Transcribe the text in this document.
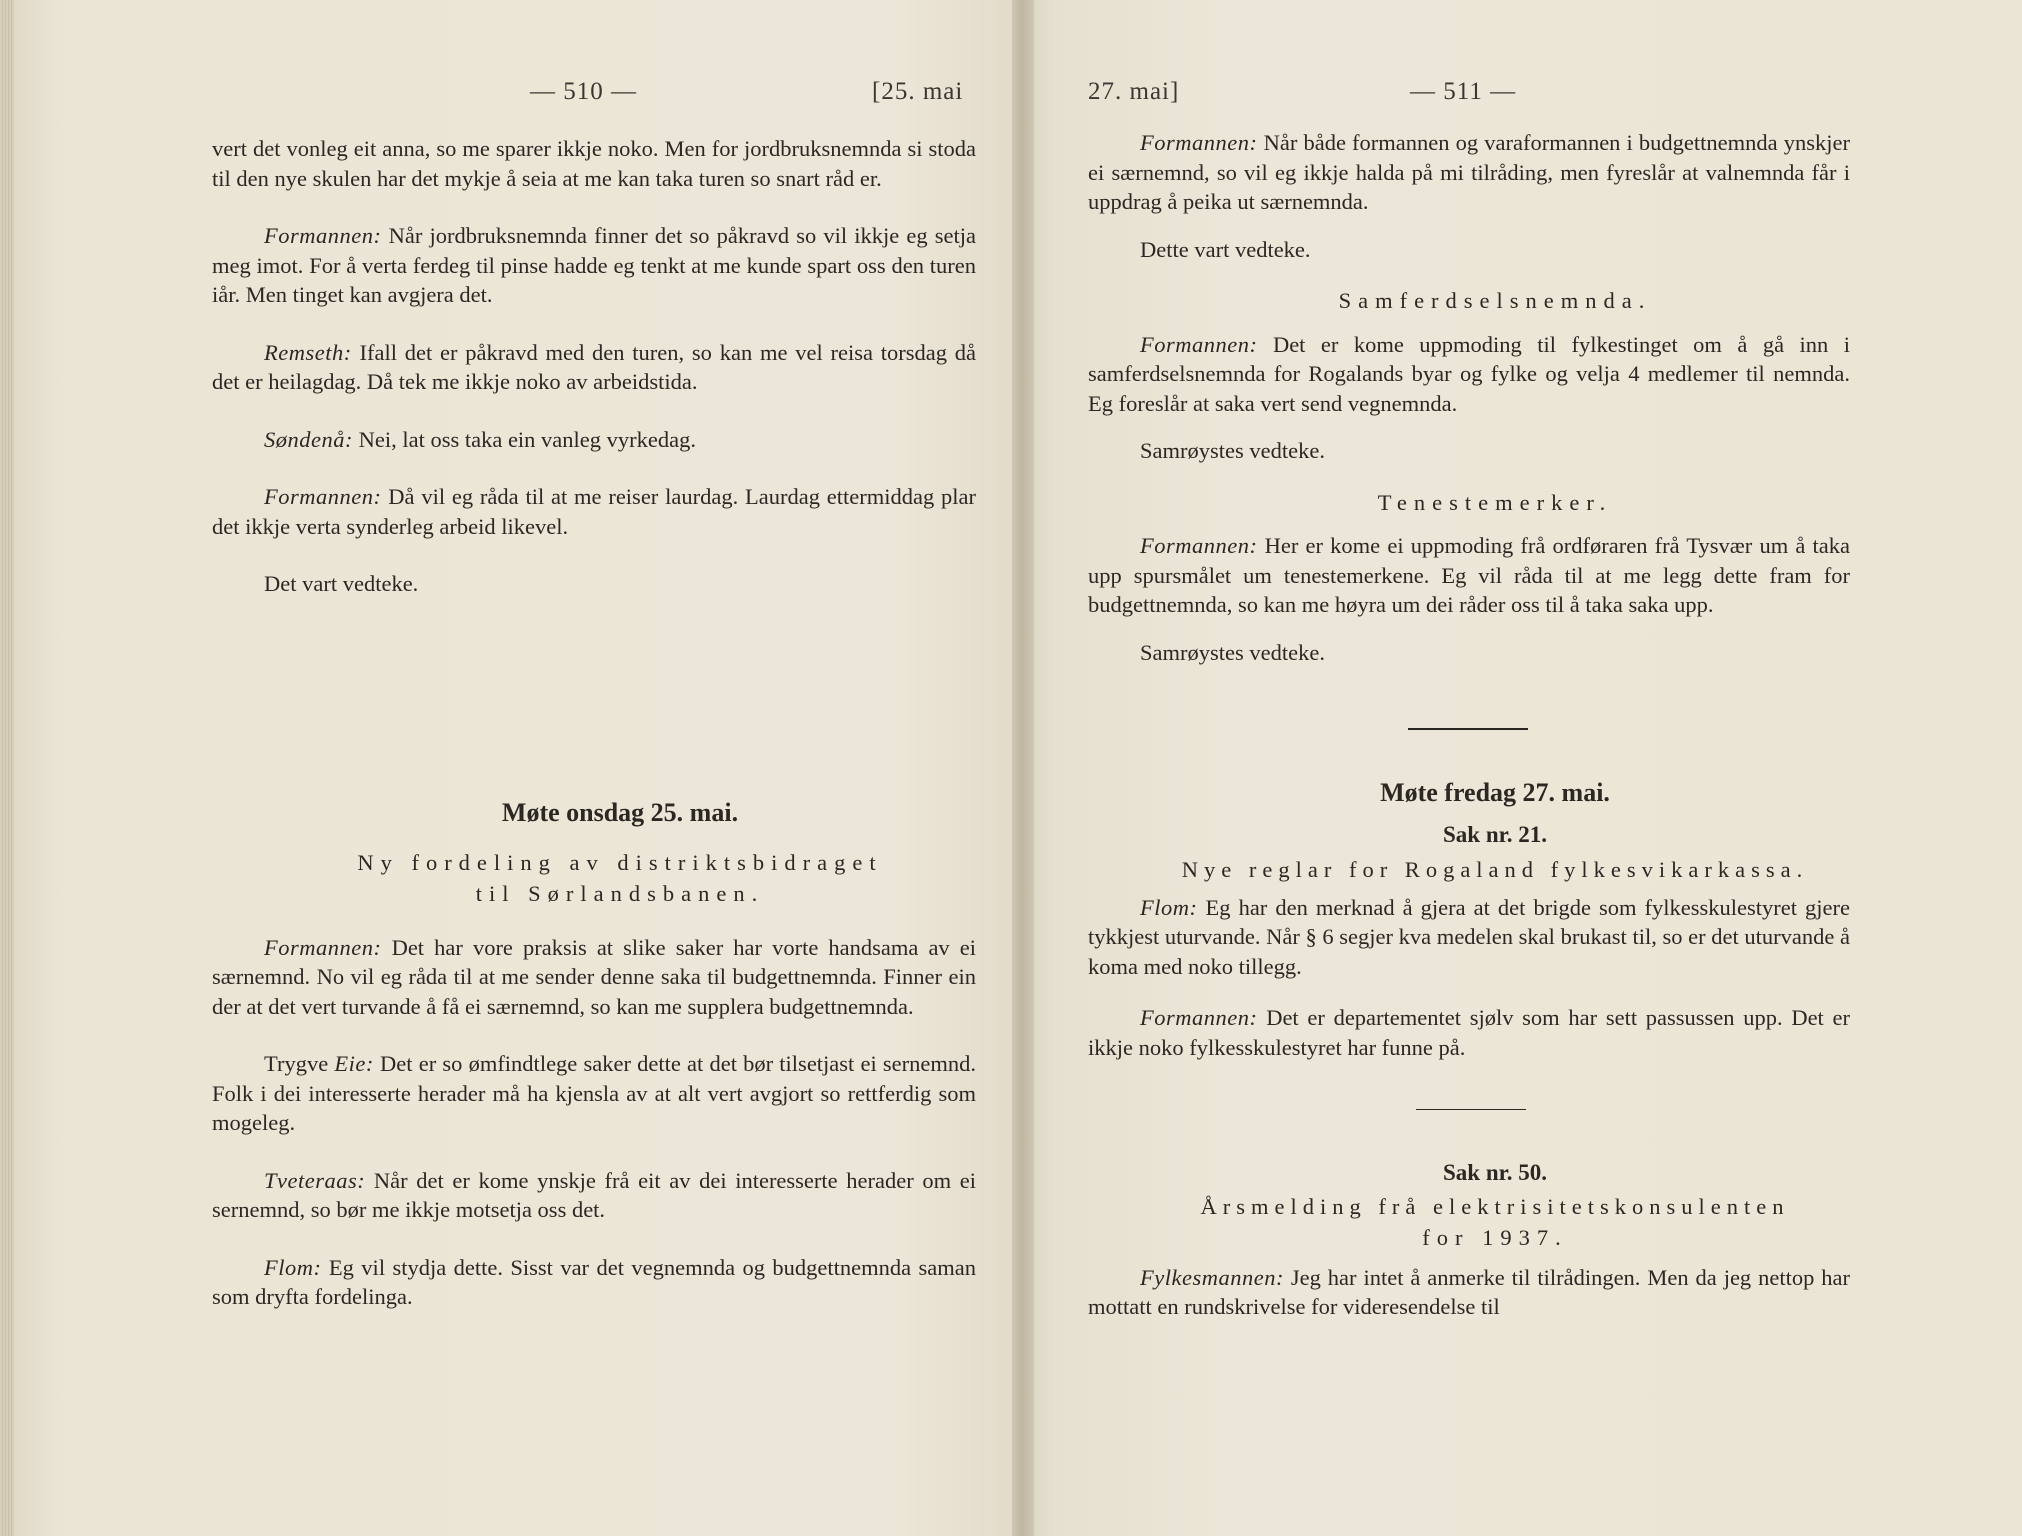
— 510 —	[25. mai

vert det vonleg eit anna, so me sparer ikkje noko. Men for jordbruksnemnda si stoda til den nye skulen har det mykje å seia at me kan taka turen so snart råd er.

Formannen: Når jordbruksnemnda finner det so påkravd so vil ikkje eg setja meg imot. For å verta ferdeg til pinse hadde eg tenkt at me kunde spart oss den turen iår. Men tinget kan avgjera det.

Remseth: Ifall det er påkravd med den turen, so kan me vel reisa torsdag då det er heilagdag. Då tek me ikkje noko av arbeidstida.

Søndenå: Nei, lat oss taka ein vanleg vyrkedag.

Formannen: Då vil eg råda til at me reiser laurdag. Laurdag ettermiddag plar det ikkje verta synderleg arbeid likevel.

Det vart vedteke.

Møte onsdag 25. mai.

Ny fordeling av distriktsbidraget

til Sørlandsbanen.

Formannen: Det har vore praksis at slike saker har vorte handsama av ei særnemnd. No vil eg råda til at me sender denne saka til budgettnemnda. Finner ein der at det vert turvande å få ei særnemnd, so kan me supplera budgettnemnda.

Trygve Eie: Det er so ømfindtlege saker dette at det bør tilsetjast ei sernemnd. Folk i dei interesserte herader må ha kjensla av at alt vert avgjort so rettferdig som mogeleg.

Tveteraas: Når det er kome ynskje frå eit av dei interesserte herader om ei sernemnd, so bør me ikkje motsetja oss det.

Flom: Eg vil stydja dette. Sisst var det vegnemnda og budgettnemnda saman som dryfta fordelinga.

27. mai]	— 511 —

Formannen: Når både formannen og varaformannen i budgettnemnda ynskjer ei særnemnd, so vil eg ikkje halda på mi tilråding, men fyreslår at valnemnda får i uppdrag å peika ut særnemnda.

Dette vart vedteke.

Samferdselsnemnda.

Formannen: Det er kome uppmoding til fylkestinget om å gå inn i samferdselsnemnda for Rogalands byar og fylke og velja 4 medlemer til nemnda. Eg foreslår at saka vert send vegnemnda.

Samrøystes vedteke.

Tenestemerker.

Formannen: Her er kome ei uppmoding frå ordføraren frå Tysvær um å taka upp spursmålet um tenestemerkene. Eg vil råda til at me legg dette fram for budgettnemnda, so kan me høyra um dei råder oss til å taka saka upp.

Samrøystes vedteke.

Møte fredag 27. mai.

Sak nr. 21.

Nye reglar for Rogaland fylkesvikarkassa.

Flom: Eg har den merknad å gjera at det brigde som fylkesskulestyret gjere tykkjest uturvande. Når § 6 segjer kva medelen skal brukast til, so er det uturvande å koma med noko tillegg.

Formannen: Det er departementet sjølv som har sett passussen upp. Det er ikkje noko fylkesskulestyret har funne på.

Sak nr. 50.

Årsmelding frå elektrisitetskonsulenten

for 1937.

Fylkesmannen: Jeg har intet å anmerke til tilrådingen. Men da jeg nettop har mottatt en rundskrivelse for videresendelse til
